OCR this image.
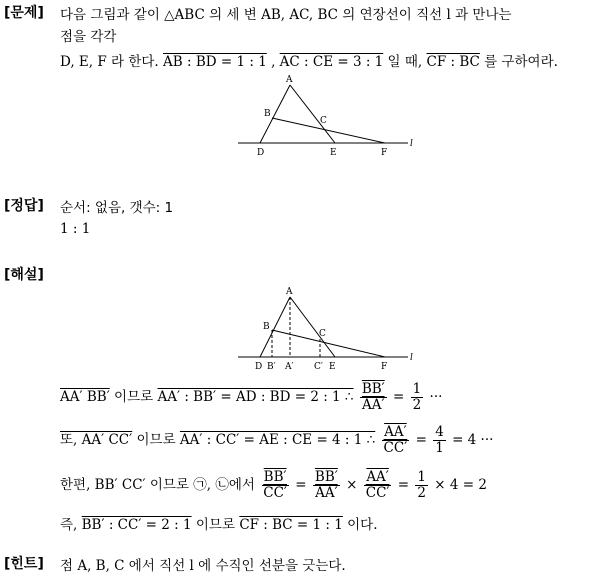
[문제] 다음 그림과 같이 △ABC 의 세 변 AB, AC, BC 의 연장선이 직선 l 과 만나는
점을 각각
D, E, F 라 한다. AB : BD = 1 : 1 , AC : CE = 3 : 1 일 때, CF : BC 를 구하여라.
A
B
C
D	E	F
l
[정답] 순서: 없음, 갯수: 1
1 : 1
[해설]
A
B
C
D B′ A′ C′ E	F
l
AA′ BB′ 이므로 AA′ : BB′ = AD : BD = 2 : 1 ∴ $\frac{BB'}{AA'} = \frac{1}{2}$ ···
또, AA′ CC′ 이므로 AA′ : CC′ = AE : CE = 4 : 1 ∴ $\frac{AA'}{CC'} = \frac{4}{1} = 4$ ···
한편, BB′ CC′ 이므로 ㉠, ㉡에서 $\frac{BB'}{CC'} = \frac{BB'}{AA'} \times \frac{AA'}{CC'} = \frac{1}{2} \times 4 = 2$
즉, BB′ : CC′ = 2 : 1 이므로 CF : BC = 1 : 1 이다.
[힌트] 점 A, B, C 에서 직선 l 에 수직인 선분을 긋는다.
